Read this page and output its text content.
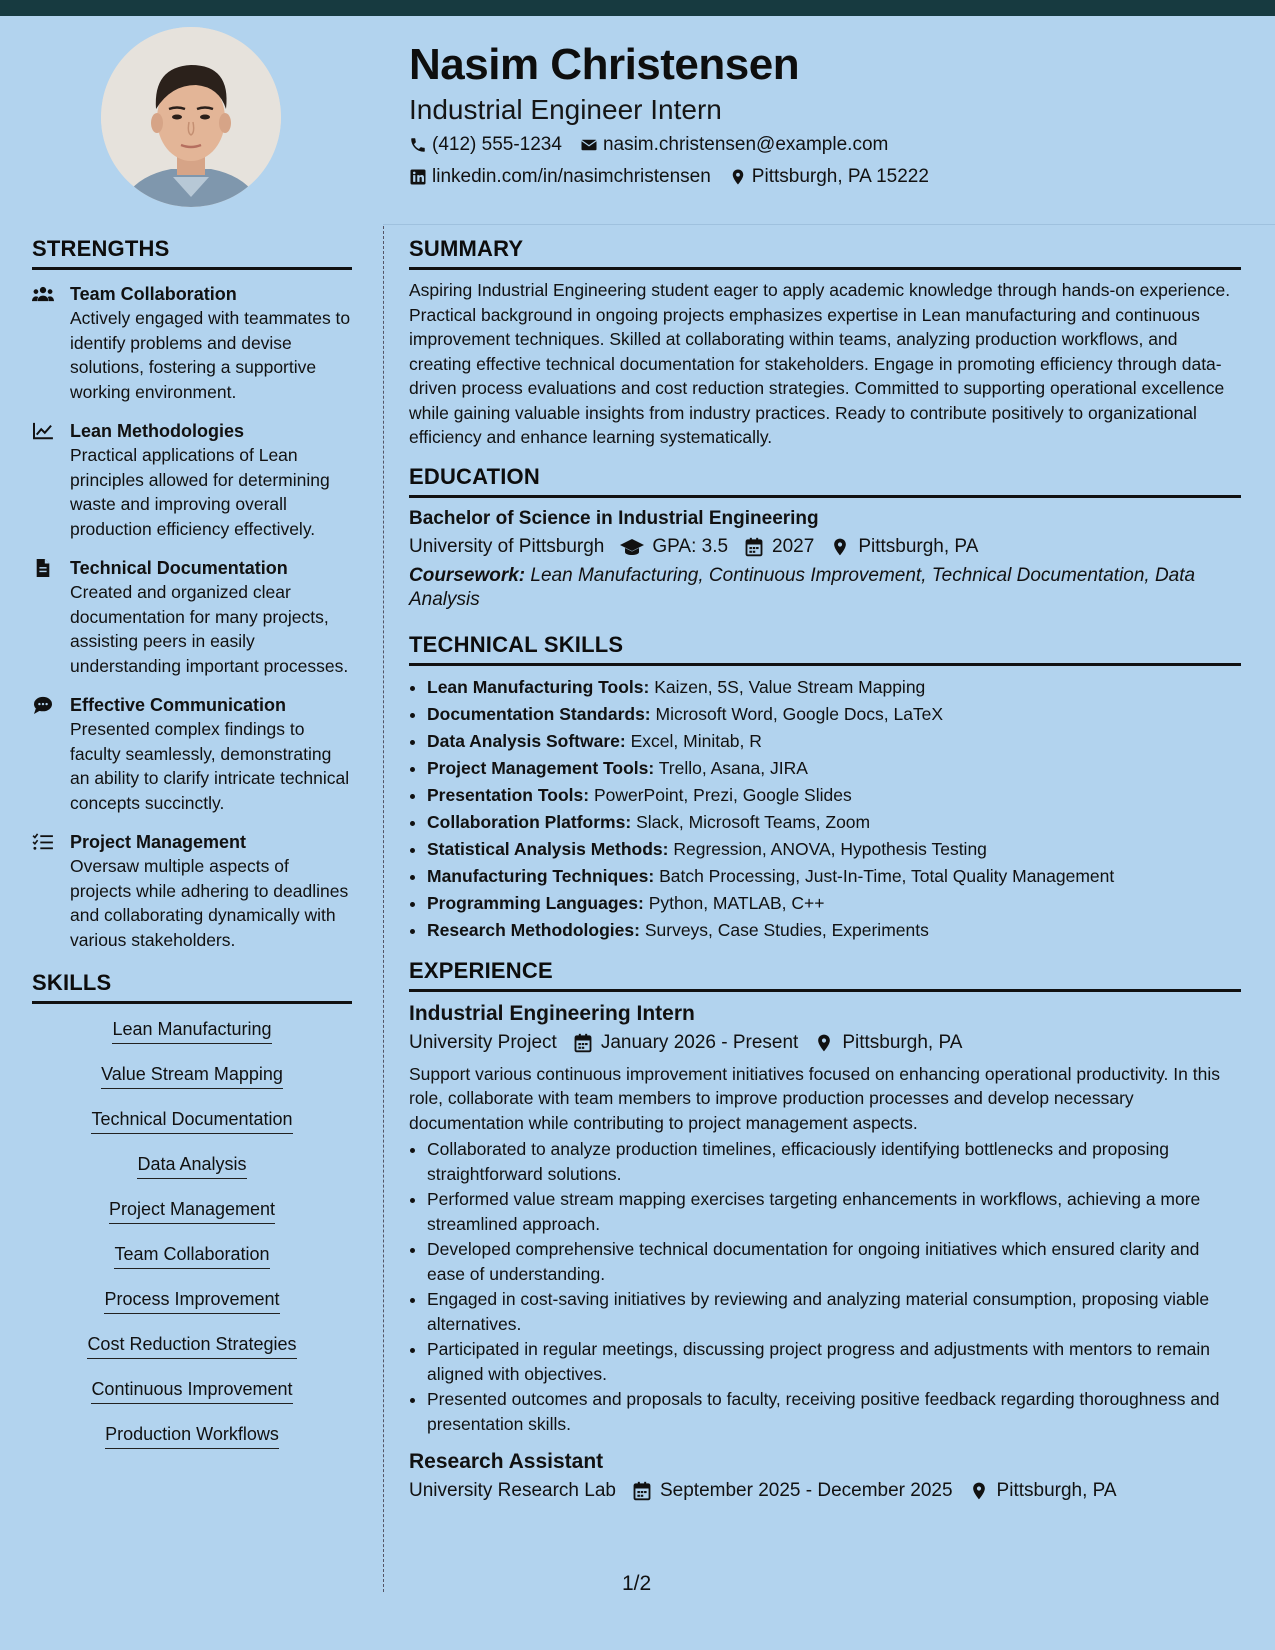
Nasim Christensen
Industrial Engineer Intern
(412) 555-1234 nasim.christensen@example.com
linkedin.com/in/nasimchristensen Pittsburgh, PA 15222
STRENGTHS
Team Collaboration
Actively engaged with teammates to identify problems and devise solutions, fostering a supportive working environment.
Lean Methodologies
Practical applications of Lean principles allowed for determining waste and improving overall production efficiency effectively.
Technical Documentation
Created and organized clear documentation for many projects, assisting peers in easily understanding important processes.
Effective Communication
Presented complex findings to faculty seamlessly, demonstrating an ability to clarify intricate technical concepts succinctly.
Project Management
Oversaw multiple aspects of projects while adhering to deadlines and collaborating dynamically with various stakeholders.
SKILLS
Lean Manufacturing
Value Stream Mapping
Technical Documentation
Data Analysis
Project Management
Team Collaboration
Process Improvement
Cost Reduction Strategies
Continuous Improvement
Production Workflows
SUMMARY

Aspiring Industrial Engineering student eager to apply academic knowledge through hands-on experience. Practical background in ongoing projects emphasizes expertise in Lean manufacturing and continuous improvement techniques. Skilled at collaborating within teams, analyzing production workflows, and creating effective technical documentation for stakeholders. Engage in promoting efficiency through data-driven process evaluations and cost reduction strategies. Committed to supporting operational excellence while gaining valuable insights from industry practices. Ready to contribute positively to organizational efficiency and enhance learning systematically.

EDUCATION
Bachelor of Science in Industrial Engineering
University of Pittsburgh	GPA: 3.5 2027 Pittsburgh, PA
Coursework: Lean Manufacturing, Continuous Improvement, Technical Documentation, Data Analysis
TECHNICAL SKILLS
• Lean Manufacturing Tools: Kaizen, 5S, Value Stream Mapping
• Documentation Standards: Microsoft Word, Google Docs, LaTeX
• Data Analysis Software: Excel, Minitab, R
• Project Management Tools: Trello, Asana, JIRA
• Presentation Tools: PowerPoint, Prezi, Google Slides
• Collaboration Platforms: Slack, Microsoft Teams, Zoom
• Statistical Analysis Methods: Regression, ANOVA, Hypothesis Testing
• Manufacturing Techniques: Batch Processing, Just-In-Time, Total Quality Management
• Programming Languages: Python, MATLAB, C++
• Research Methodologies: Surveys, Case Studies, Experiments
EXPERIENCE
Industrial Engineering Intern
University Project January 2026 - Present Pittsburgh, PA

Support various continuous improvement initiatives focused on enhancing operational productivity. In this role, collaborate with team members to improve production processes and develop necessary documentation while contributing to project management aspects.

• Collaborated to analyze production timelines, efficaciously identifying bottlenecks and proposing straightforward solutions.
• Performed value stream mapping exercises targeting enhancements in workflows, achieving a more streamlined approach.
• Developed comprehensive technical documentation for ongoing initiatives which ensured clarity and ease of understanding.
• Engaged in cost-saving initiatives by reviewing and analyzing material consumption, proposing viable alternatives.
• Participated in regular meetings, discussing project progress and adjustments with mentors to remain aligned with objectives.
• Presented outcomes and proposals to faculty, receiving positive feedback regarding thoroughness and presentation skills.
Research Assistant
University Research Lab September 2025 - December 2025 Pittsburgh, PA
1/2
